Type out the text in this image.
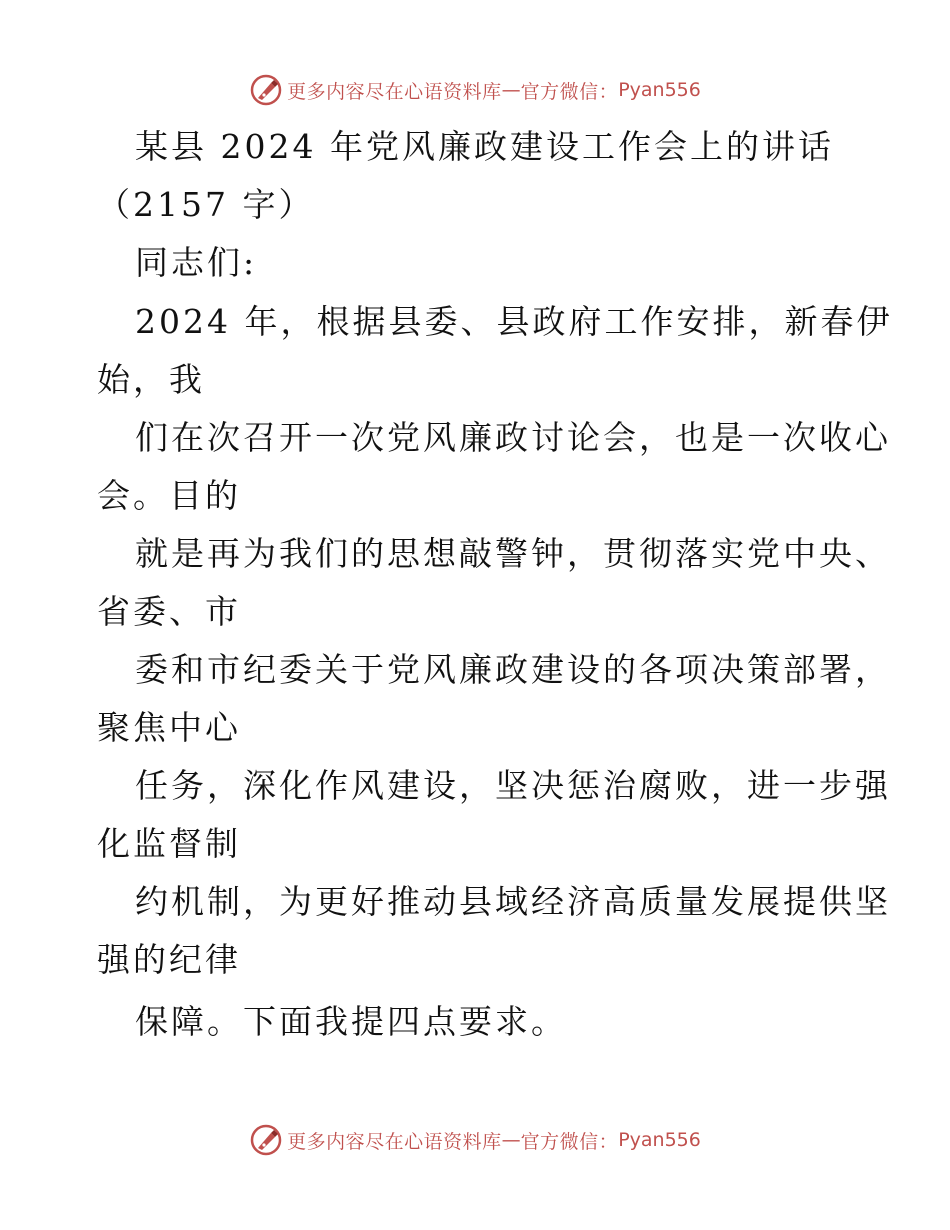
更多内容尽在心语资料库 — 官方微信： Pyan556
某县 2024 年党风廉政建设工作会上的讲话
（2157 字）
同志们:
2024 年，根据县委、县政府工作安排，新春伊
始，我
们在次召开一次党风廉政讨论会，也是一次收心
会。目的
就是再为我们的思想敲警钟，贯彻落实党中央、
省委、市
委和市纪委关于党风廉政建设的各项决策部署，
聚焦中心
任务，深化作风建设，坚决惩治腐败，进一步强
化监督制
约机制，为更好推动县域经济高质量发展提供坚
强的纪律
保障。下面我提四点要求。
更多内容尽在心语资料库 — 官方微信： Pyan556
